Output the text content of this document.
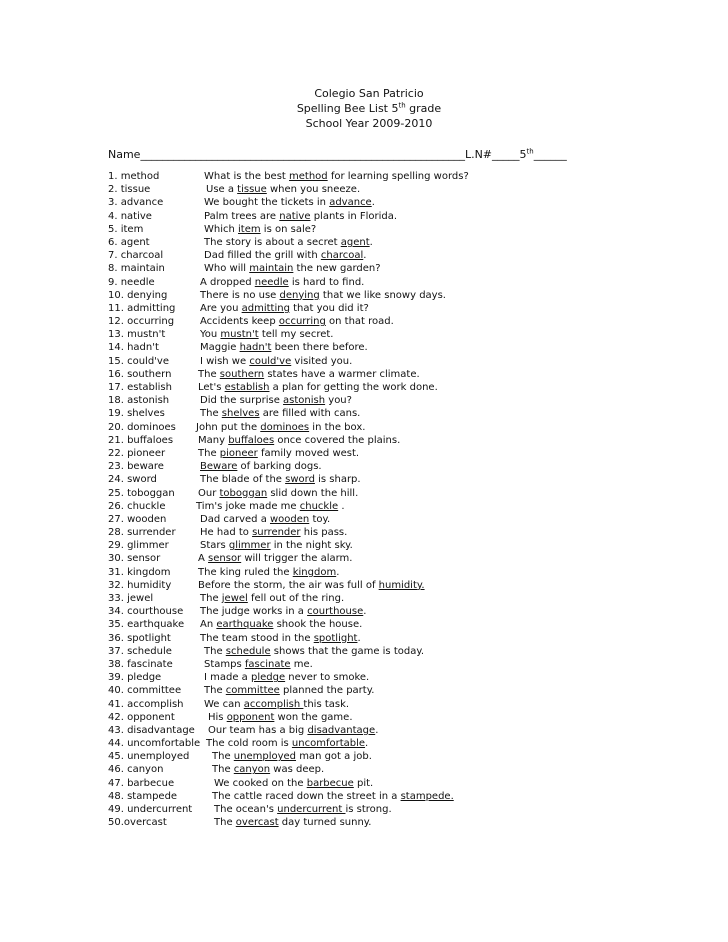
Colegio San Patricio
Spelling Bee List 5th grade
School Year 2009-2010
Name___________________________________________________________L.N#_____5th______
1. method	What is the best method for learning spelling words?
2. tissue	Use a tissue when you sneeze.
3. advance	We bought the tickets in advance.
4. native	Palm trees are native plants in Florida.
5. item	Which item is on sale?
6. agent	The story is about a secret agent.
7. charcoal	Dad filled the grill with charcoal.
8. maintain	Who will maintain the new garden?
9. needle	A dropped needle is hard to find.
10. denying	There is no use denying that we like snowy days.
11. admitting Are you admitting that you did it?
12. occurring	Accidents keep occurring on that road.
13. mustn't	You mustn't tell my secret.
14. hadn't	Maggie hadn't been there before.
15. could've	I wish we could've visited you.
16. southern	The southern states have a warmer climate.
17. establish	Let's establish a plan for getting the work done.
18. astonish	Did the surprise astonish you?
19. shelves	The shelves are filled with cans.
20. dominoes John put the dominoes in the box.
21. buffaloes Many buffaloes once covered the plains.
22. pioneer	The pioneer family moved west.
23. beware	Beware of barking dogs.
24. sword	The blade of the sword is sharp.
25. toboggan Our toboggan slid down the hill.
26. chuckle	Tim's joke made me chuckle .
27. wooden	Dad carved a wooden toy.
28. surrender He had to surrender his pass.
29. glimmer	Stars glimmer in the night sky.
30. sensor	A sensor will trigger the alarm.
31. kingdom	The king ruled the kingdom.
32. humidity	Before the storm, the air was full of humidity.
33. jewel	The jewel fell out of the ring.
34. courthouse The judge works in a courthouse.
35. earthquake An earthquake shook the house.
36. spotlight	The team stood in the spotlight.
37. schedule	The schedule shows that the game is today.
38. fascinate	Stamps fascinate me.
39. pledge	I made a pledge never to smoke.
40. committee The committee planned the party.
41. accomplish We can accomplish this task.
42. opponent	His opponent won the game.
43. disadvantage Our team has a big disadvantage.
44. uncomfortable The cold room is uncomfortable.
45. unemployed The unemployed man got a job.
46. canyon	The canyon was deep.
47. barbecue	We cooked on the barbecue pit.
48. stampede	The cattle raced down the street in a stampede.
49. undercurrent The ocean's undercurrent is strong.
50.overcast	The overcast day turned sunny.
